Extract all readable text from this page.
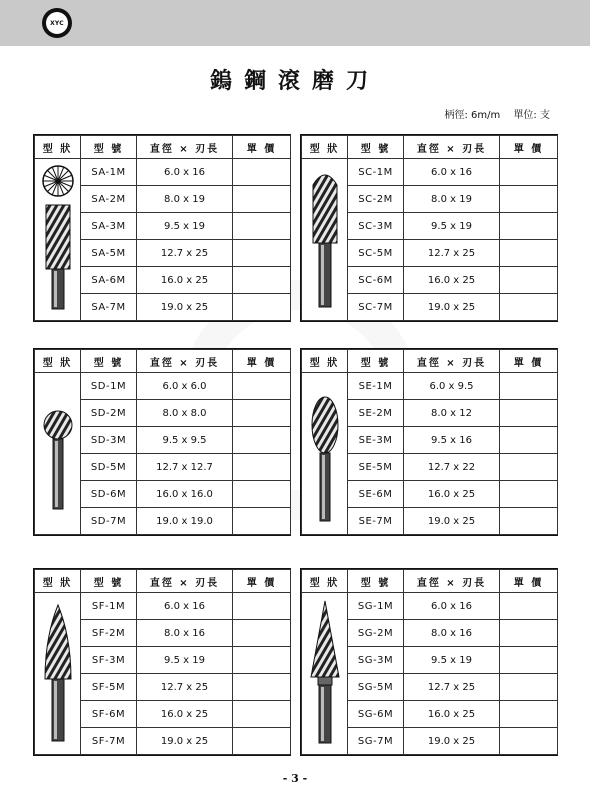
XYC
鎢鋼滾磨刀
柄徑: 6m/m 單位: 支
型 狀	型 號	直徑 × 刃長	單 價
	SA-1M	6.0 x 16	
	SA-2M	8.0 x 19	
	SA-3M	9.5 x 19	
	SA-5M	12.7 x 25	
	SA-6M	16.0 x 25	
	SA-7M	19.0 x 25	
型 狀	型 號	直徑 × 刃長	單 價
	SC-1M	6.0 x 16	
	SC-2M	8.0 x 19	
	SC-3M	9.5 x 19	
	SC-5M	12.7 x 25	
	SC-6M	16.0 x 25	
	SC-7M	19.0 x 25	
型 狀	型 號	直徑 × 刃長	單 價
	SD-1M	6.0 x 6.0	
	SD-2M	8.0 x 8.0	
	SD-3M	9.5 x 9.5	
	SD-5M	12.7 x 12.7	
	SD-6M	16.0 x 16.0	
	SD-7M	19.0 x 19.0	
型 狀	型 號	直徑 × 刃長	單 價
	SE-1M	6.0 x 9.5	
	SE-2M	8.0 x 12	
	SE-3M	9.5 x 16	
	SE-5M	12.7 x 22	
	SE-6M	16.0 x 25	
	SE-7M	19.0 x 25	
型 狀	型 號	直徑 × 刃長	單 價
	SF-1M	6.0 x 16	
	SF-2M	8.0 x 16	
	SF-3M	9.5 x 19	
	SF-5M	12.7 x 25	
	SF-6M	16.0 x 25	
	SF-7M	19.0 x 25	
型 狀	型 號	直徑 × 刃長	單 價
	SG-1M	6.0 x 16	
	SG-2M	8.0 x 16	
	SG-3M	9.5 x 19	
	SG-5M	12.7 x 25	
	SG-6M	16.0 x 25	
	SG-7M	19.0 x 25	
- 3 -
